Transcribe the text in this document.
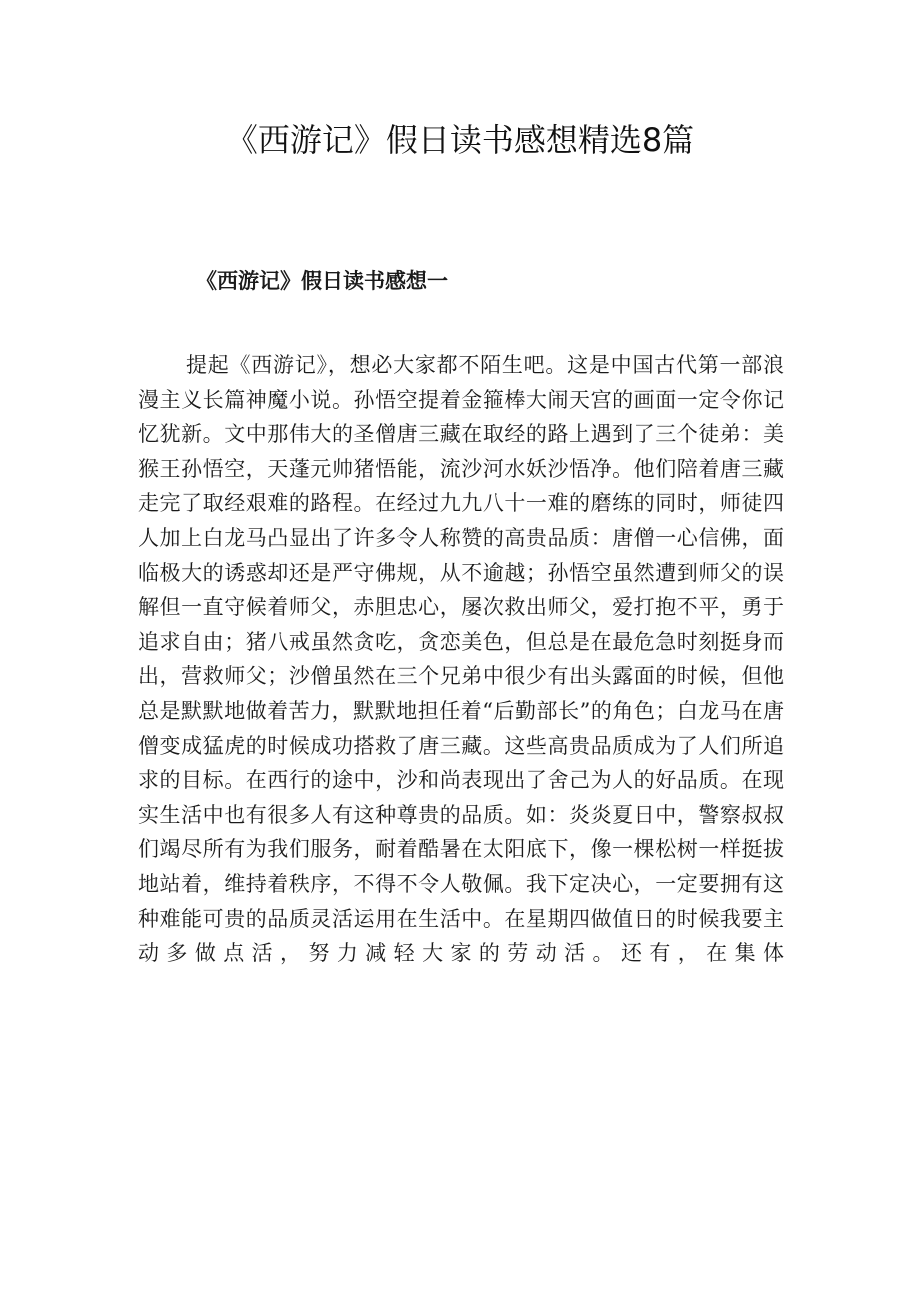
《西游记》假日读书感想精选8篇
《西游记》假日读书感想一

提起《西游记》，想必大家都不陌生吧。这是中国古代第一部浪漫主义长篇神魔小说。孙悟空提着金箍棒大闹天宫的画面一定令你记忆犹新。文中那伟大的圣僧唐三藏在取经的路上遇到了三个徒弟：美猴王孙悟空，天蓬元帅猪悟能，流沙河水妖沙悟净。他们陪着唐三藏走完了取经艰难的路程。在经过九九八十一难的磨练的同时，师徒四人加上白龙马凸显出了许多令人称赞的高贵品质：唐僧一心信佛，面临极大的诱惑却还是严守佛规，从不逾越；孙悟空虽然遭到师父的误解但一直守候着师父，赤胆忠心，屡次救出师父，爱打抱不平，勇于追求自由；猪八戒虽然贪吃，贪恋美色，但总是在最危急时刻挺身而出，营救师父；沙僧虽然在三个兄弟中很少有出头露面的时候，但他总是默默地做着苦力，默默地担任着“后勤部长”的角色；白龙马在唐僧变成猛虎的时候成功搭救了唐三藏。这些高贵品质成为了人们所追求的目标。在西行的途中，沙和尚表现出了舍己为人的好品质。在现实生活中也有很多人有这种尊贵的品质。如：炎炎夏日中，警察叔叔们竭尽所有为我们服务，耐着酷暑在太阳底下，像一棵松树一样挺拔地站着，维持着秩序，不得不令人敬佩。我下定决心，一定要拥有这种难能可贵的品质灵活运用在生活中。在星期四做值日的时候我要主动多做点活，努力减轻大家的劳动活。还有，在集体
